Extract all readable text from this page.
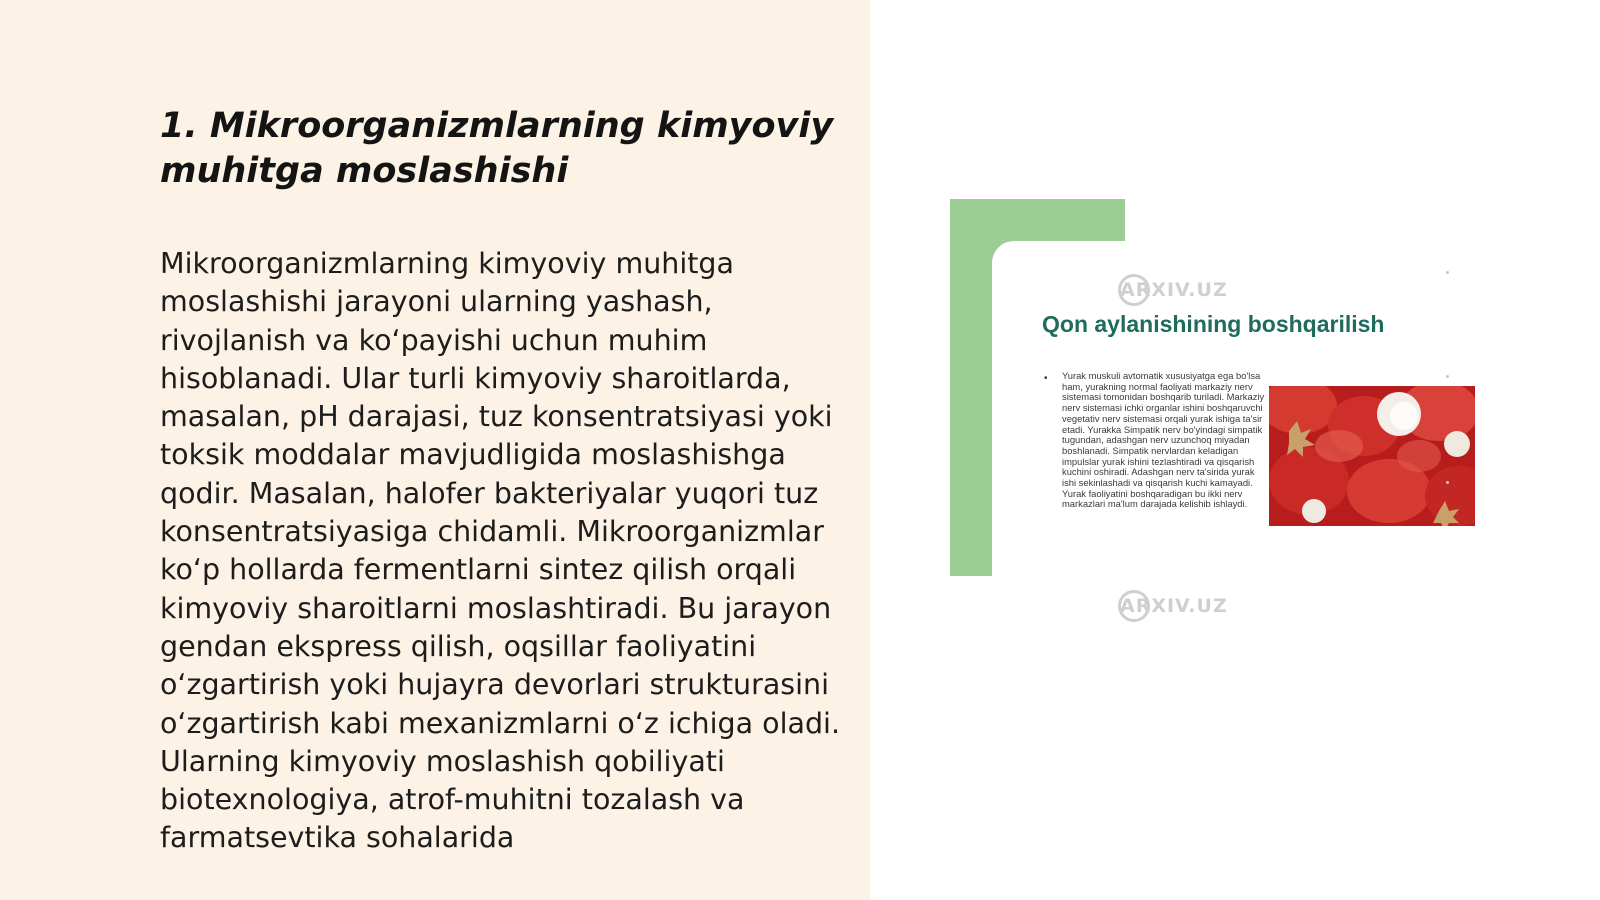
1. Mikroorganizmlarning kimyoviy muhitga moslashishi

Mikroorganizmlarning kimyoviy muhitga moslashishi jarayoni ularning yashash, rivojlanish va koʻpayishi uchun muhim hisoblanadi. Ular turli kimyoviy sharoitlarda, masalan, pH darajasi, tuz konsentratsiyasi yoki toksik moddalar mavjudligida moslashishga qodir. Masalan, halofer bakteriyalar yuqori tuz konsentratsiyasiga chidamli. Mikroorganizmlar koʻp hollarda fermentlarni sintez qilish orqali kimyoviy sharoitlarni moslashtiradi. Bu jarayon gendan ekspress qilish, oqsillar faoliyatini oʻzgartirish yoki hujayra devorlari strukturasini oʻzgartirish kabi mexanizmlarni oʻz ichiga oladi. Ularning kimyoviy moslashish qobiliyati biotexnologiya, atrof-muhitni tozalash va farmatsevtika sohalarida

ARXIV.UZ
Qon aylanishining boshqarilish
• Yurak muskuli avtomatik xususiyatga ega bo'lsa ham, yurakning normal faoliyati markaziy nerv sistemasi tomonidan boshqarib turiladi. Markaziy nerv sistemasi ichki organlar ishini boshqaruvchi vegetativ nerv sistemasi orqali yurak ishiga ta'sir etadi. Yurakka Simpatik nerv bo'yindagi simpatik tugundan, adashgan nerv uzunchoq miyadan boshlanadi. Simpatik nervlardan keladigan impulslar yurak ishini tezlashtiradi va qisqarish kuchini oshiradi. Adashgan nerv ta'sirida yurak ishi sekinlashadi va qisqarish kuchi kamayadi. Yurak faoliyatini boshqaradigan bu ikki nerv markazlari ma'lum darajada kelishib ishlaydi.

ARXIV.UZ
